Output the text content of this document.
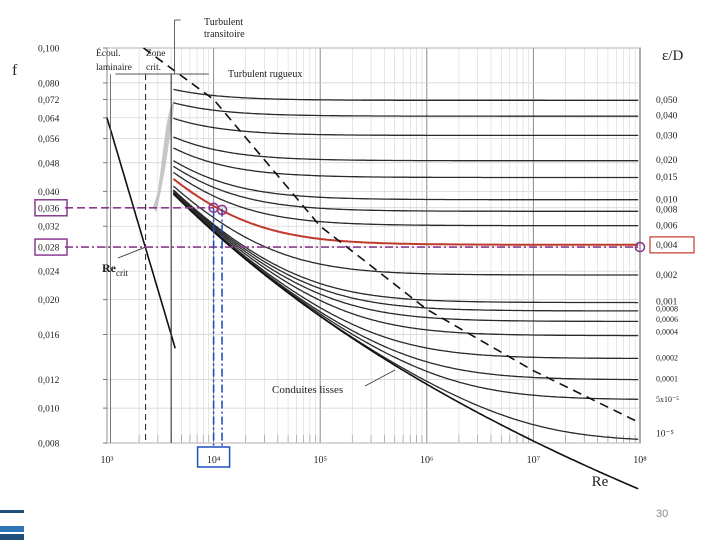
0,100
0,080
0,072
0,064
0,056
0,048
0,040
0,036
0,032
0,028
0,024
0,020
0,016
0,012
0,010
0,008
10³	10⁴	10⁵	10⁶	10⁷	10⁸
f
ε/D
Re
Turbulent
transitoire
Écoul.
laminaire
Zone
crit.
Turbulent rugueux
Conduites lisses
$Re_{crit}$
0,050
0,040
0,030
0,020
0,015
0,010
0,008
0,006
0,004
0,002
0,001
0,0008
0,0006
0,0004
0,0002
0,0001
5x10⁻⁵
10⁻⁵
30
